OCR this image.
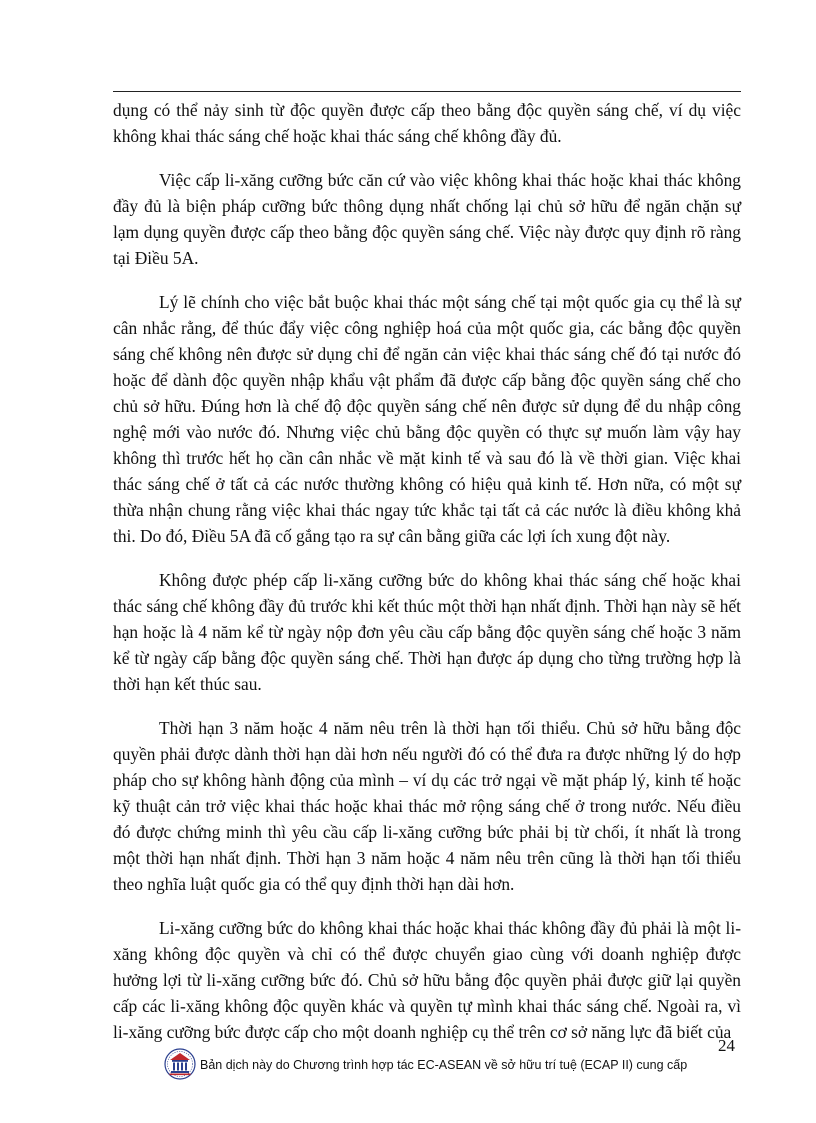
dụng có thể nảy sinh từ độc quyền được cấp theo bằng độc quyền sáng chế, ví dụ việc không khai thác sáng chế hoặc khai thác sáng chế không đầy đủ.

Việc cấp li-xăng cưỡng bức căn cứ vào việc không khai thác hoặc khai thác không đầy đủ là biện pháp cưỡng bức thông dụng nhất chống lại chủ sở hữu để ngăn chặn sự lạm dụng quyền được cấp theo bằng độc quyền sáng chế. Việc này được quy định rõ ràng tại Điều 5A.

Lý lẽ chính cho việc bắt buộc khai thác một sáng chế tại một quốc gia cụ thể là sự cân nhắc rằng, để thúc đẩy việc công nghiệp hoá của một quốc gia, các bằng độc quyền sáng chế không nên được sử dụng chỉ để ngăn cản việc khai thác sáng chế đó tại nước đó hoặc để dành độc quyền nhập khẩu vật phẩm đã được cấp bằng độc quyền sáng chế cho chủ sở hữu. Đúng hơn là chế độ độc quyền sáng chế nên được sử dụng để du nhập công nghệ mới vào nước đó. Nhưng việc chủ bằng độc quyền có thực sự muốn làm vậy hay không thì trước hết họ cần cân nhắc về mặt kinh tế và sau đó là về thời gian. Việc khai thác sáng chế ở tất cả các nước thường không có hiệu quả kinh tế. Hơn nữa, có một sự thừa nhận chung rằng việc khai thác ngay tức khắc tại tất cả các nước là điều không khả thi. Do đó, Điều 5A đã cố gắng tạo ra sự cân bằng giữa các lợi ích xung đột này.

Không được phép cấp li-xăng cưỡng bức do không khai thác sáng chế hoặc khai thác sáng chế không đầy đủ trước khi kết thúc một thời hạn nhất định. Thời hạn này sẽ hết hạn hoặc là 4 năm kể từ ngày nộp đơn yêu cầu cấp bằng độc quyền sáng chế hoặc 3 năm kể từ ngày cấp bằng độc quyền sáng chế. Thời hạn được áp dụng cho từng trường hợp là thời hạn kết thúc sau.

Thời hạn 3 năm hoặc 4 năm nêu trên là thời hạn tối thiểu. Chủ sở hữu bằng độc quyền phải được dành thời hạn dài hơn nếu người đó có thể đưa ra được những lý do hợp pháp cho sự không hành động của mình – ví dụ các trở ngại về mặt pháp lý, kinh tế hoặc kỹ thuật cản trở việc khai thác hoặc khai thác mở rộng sáng chế ở trong nước. Nếu điều đó được chứng minh thì yêu cầu cấp li-xăng cưỡng bức phải bị từ chối, ít nhất là trong một thời hạn nhất định. Thời hạn 3 năm hoặc 4 năm nêu trên cũng là thời hạn tối thiểu theo nghĩa luật quốc gia có thể quy định thời hạn dài hơn.

Li-xăng cưỡng bức do không khai thác hoặc khai thác không đầy đủ phải là một li-xăng không độc quyền và chỉ có thể được chuyển giao cùng với doanh nghiệp được hưởng lợi từ li-xăng cưỡng bức đó. Chủ sở hữu bằng độc quyền phải được giữ lại quyền cấp các li-xăng không độc quyền khác và quyền tự mình khai thác sáng chế. Ngoài ra, vì li-xăng cưỡng bức được cấp cho một doanh nghiệp cụ thể trên cơ sở năng lực đã biết của

24
Bản dịch này do Chương trình hợp tác EC-ASEAN về sở hữu trí tuệ (ECAP II) cung cấp
